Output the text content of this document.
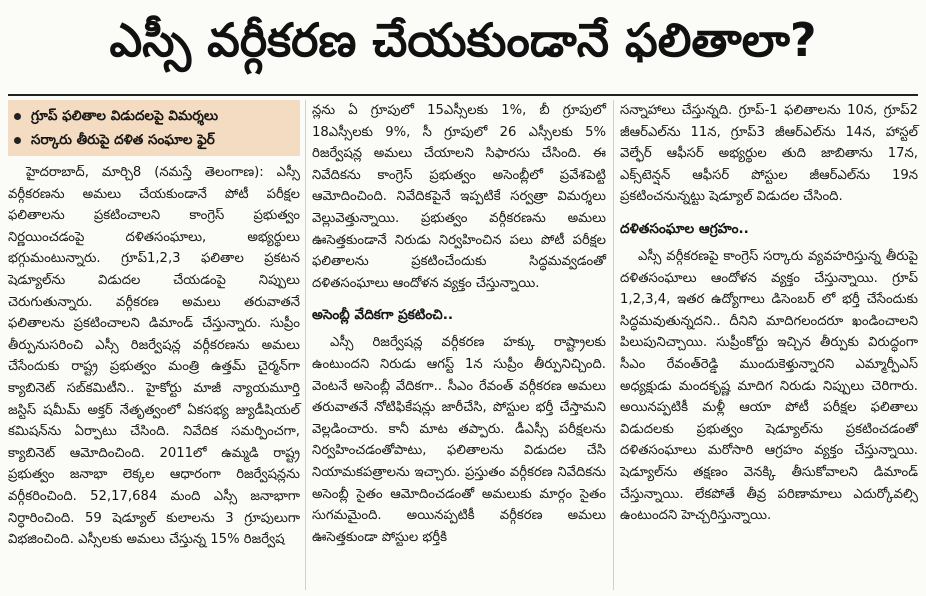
ఎస్సీ వర్గీకరణ చేయకుండానే ఫలితాలా?
గ్రూప్ ఫలితాల విడుదలపై విమర్శలు
సర్కారు తీరుపై దళిత సంఘాల ఫైర్

హైదరాబాద్, మార్చి8 (నమస్తే తెలంగాణ): ఎస్సీ వర్గీకరణను అమలు చేయకుండానే పోటీ పరీక్షల ఫలితాలను ప్రకటించాలని కాంగ్రెస్ ప్రభుత్వం నిర్ణయించడంపై దళితసంఘాలు, అభ్యర్థులు భగ్గుమంటున్నారు. గ్రూప్1,2,3 ఫలితాల ప్రకటన షెడ్యూల్‌ను విడుదల చేయడంపై నిప్పులు చెరుగుతున్నారు. వర్గీకరణ అమలు తరువాతనే ఫలితాలను ప్రకటించాలని డిమాండ్ చేస్తున్నారు. సుప్రీం తీర్పునుసరించి ఎస్సీ రిజర్వేషన్ల వర్గీకరణను అమలు చేసేందుకు రాష్ట్ర ప్రభుత్వం మంత్రి ఉత్తమ్ చైర్మన్‌గా క్యాబినెట్ సబ్‌కమిటీని.. హైకోర్టు మాజీ న్యాయమూర్తి జస్టిస్ షమీమ్ అక్తర్ నేతృత్వంలో ఏకసభ్య జ్యుడీషియల్ కమిషన్‌ను ఏర్పాటు చేసింది. నివేదిక సమర్పించగా, క్యాబినెట్ ఆమోదించింది. 2011లో ఉమ్మడి రాష్ట్ర ప్రభుత్వం జనాభా లెక్కల ఆధారంగా రిజర్వేషన్లను వర్గీకరించింది. 52,17,684 మంది ఎస్సీ జనాభాగా నిర్ధారించింది. 59 షెడ్యూల్ కులాలను 3 గ్రూపులుగా విభజించింది. ఎస్సీలకు అమలు చేస్తున్న 15% రిజర్వేష

న్లను ఏ గ్రూపులో 15ఎస్సీలకు 1%, బీ గ్రూపులో 18ఎస్సీలకు 9%, సీ గ్రూపులో 26 ఎస్సీలకు 5% రిజర్వేషన్ల అమలు చేయాలని సిఫారసు చేసింది. ఈ నివేదికను కాంగ్రెస్ ప్రభుత్వం అసెంబ్లీలో ప్రవేశపెట్టి ఆమోదించింది. నివేదికపైనే ఇప్పటికే సర్వత్రా విమర్శలు వెల్లువెత్తున్నాయి. ప్రభుత్వం వర్గీకరణను అమలు ఊసెత్తకుండానే నిరుడు నిర్వహించిన పలు పోటీ పరీక్షల ఫలితాలను ప్రకటించేందుకు సిద్ధమవ్వడంతో దళితసంఘాలు ఆందోళన వ్యక్తం చేస్తున్నాయి.

అసెంబ్లీ వేదికగా ప్రకటించి..

ఎస్సీ రిజర్వేషన్ల వర్గీకరణ హక్కు రాష్ట్రాలకు ఉంటుందని నిరుడు ఆగస్ట్ 1న సుప్రీం తీర్పునిచ్చింది. వెంటనే అసెంబ్లీ వేదికగా.. సీఎం రేవంత్ వర్గీకరణ అమలు తరువాతనే నోటిఫికేషన్లు జారీచేసి, పోస్టుల భర్తీ చేస్తామని వెల్లడించారు. కానీ మాట తప్పారు. డీఎస్సీ పరీక్షలను నిర్వహించడంతోపాటు, ఫలితాలను విడుదల చేసి నియామకపత్రాలను ఇచ్చారు. ప్రస్తుతం వర్గీకరణ నివేదికను అసెంబ్లీ సైతం ఆమోదించడంతో అమలుకు మార్గం సైతం సుగమమైంది. అయినప్పటికీ వర్గీకరణ అమలు ఊసెత్తకుండా పోస్టుల భర్తీకి

సన్నాహాలు చేస్తున్నది. గ్రూప్-1 ఫలితాలను 10న, గ్రూప్2 జీఆర్‌ఎల్‌ను 11న, గ్రూప్3 జీఆర్‌ఎల్‌ను 14న, హాస్టల్ వెల్ఫేర్ ఆఫీసర్ అభ్యర్థుల తుది జాబితాను 17న, ఎక్స్‌టెన్షన్ ఆఫీసర్ పోస్టుల జీఆర్‌ఎల్‌ను 19న ప్రకటించనున్నట్టు షెడ్యూల్ విడుదల చేసింది.

దళితసంఘాల ఆగ్రహం..

ఎస్సీ వర్గీకరణపై కాంగ్రెస్ సర్కారు వ్యవహరిస్తున్న తీరుపై దళితసంఘాలు ఆందోళన వ్యక్తం చేస్తున్నాయి. గ్రూప్ 1,2,3,4, ఇతర ఉద్యోగాలు డిసెంబర్ లో భర్తీ చేసేందుకు సిద్ధమవుతున్నదని.. దీనిని మాదిగలందరూ ఖండించాలని పిలుపునిచ్చాయి. సుప్రీంకోర్టు ఇచ్చిన తీర్పుకు విరుద్ధంగా సీఎం రేవంత్‌రెడ్డి ముందుకెళ్తున్నారని ఎమ్మార్పీఎస్ అధ్యక్షుడు మందకృష్ణ మాదిగ నిరుడు నిప్పులు చెరిగారు. అయినప్పటికీ మళ్లీ ఆయా పోటీ పరీక్షల ఫలితాలు విడుదలకు ప్రభుత్వం షెడ్యూల్‌ను ప్రకటించడంతో దళితసంఘాలు మరోసారి ఆగ్రహం వ్యక్తం చేస్తున్నాయి. షెడ్యూల్‌ను తక్షణం వెనక్కి తీసుకోవాలని డిమాండ్ చేస్తున్నాయి. లేకపోతే తీవ్ర పరిణామాలు ఎదుర్కోవల్సి ఉంటుందని హెచ్చరిస్తున్నాయి.
